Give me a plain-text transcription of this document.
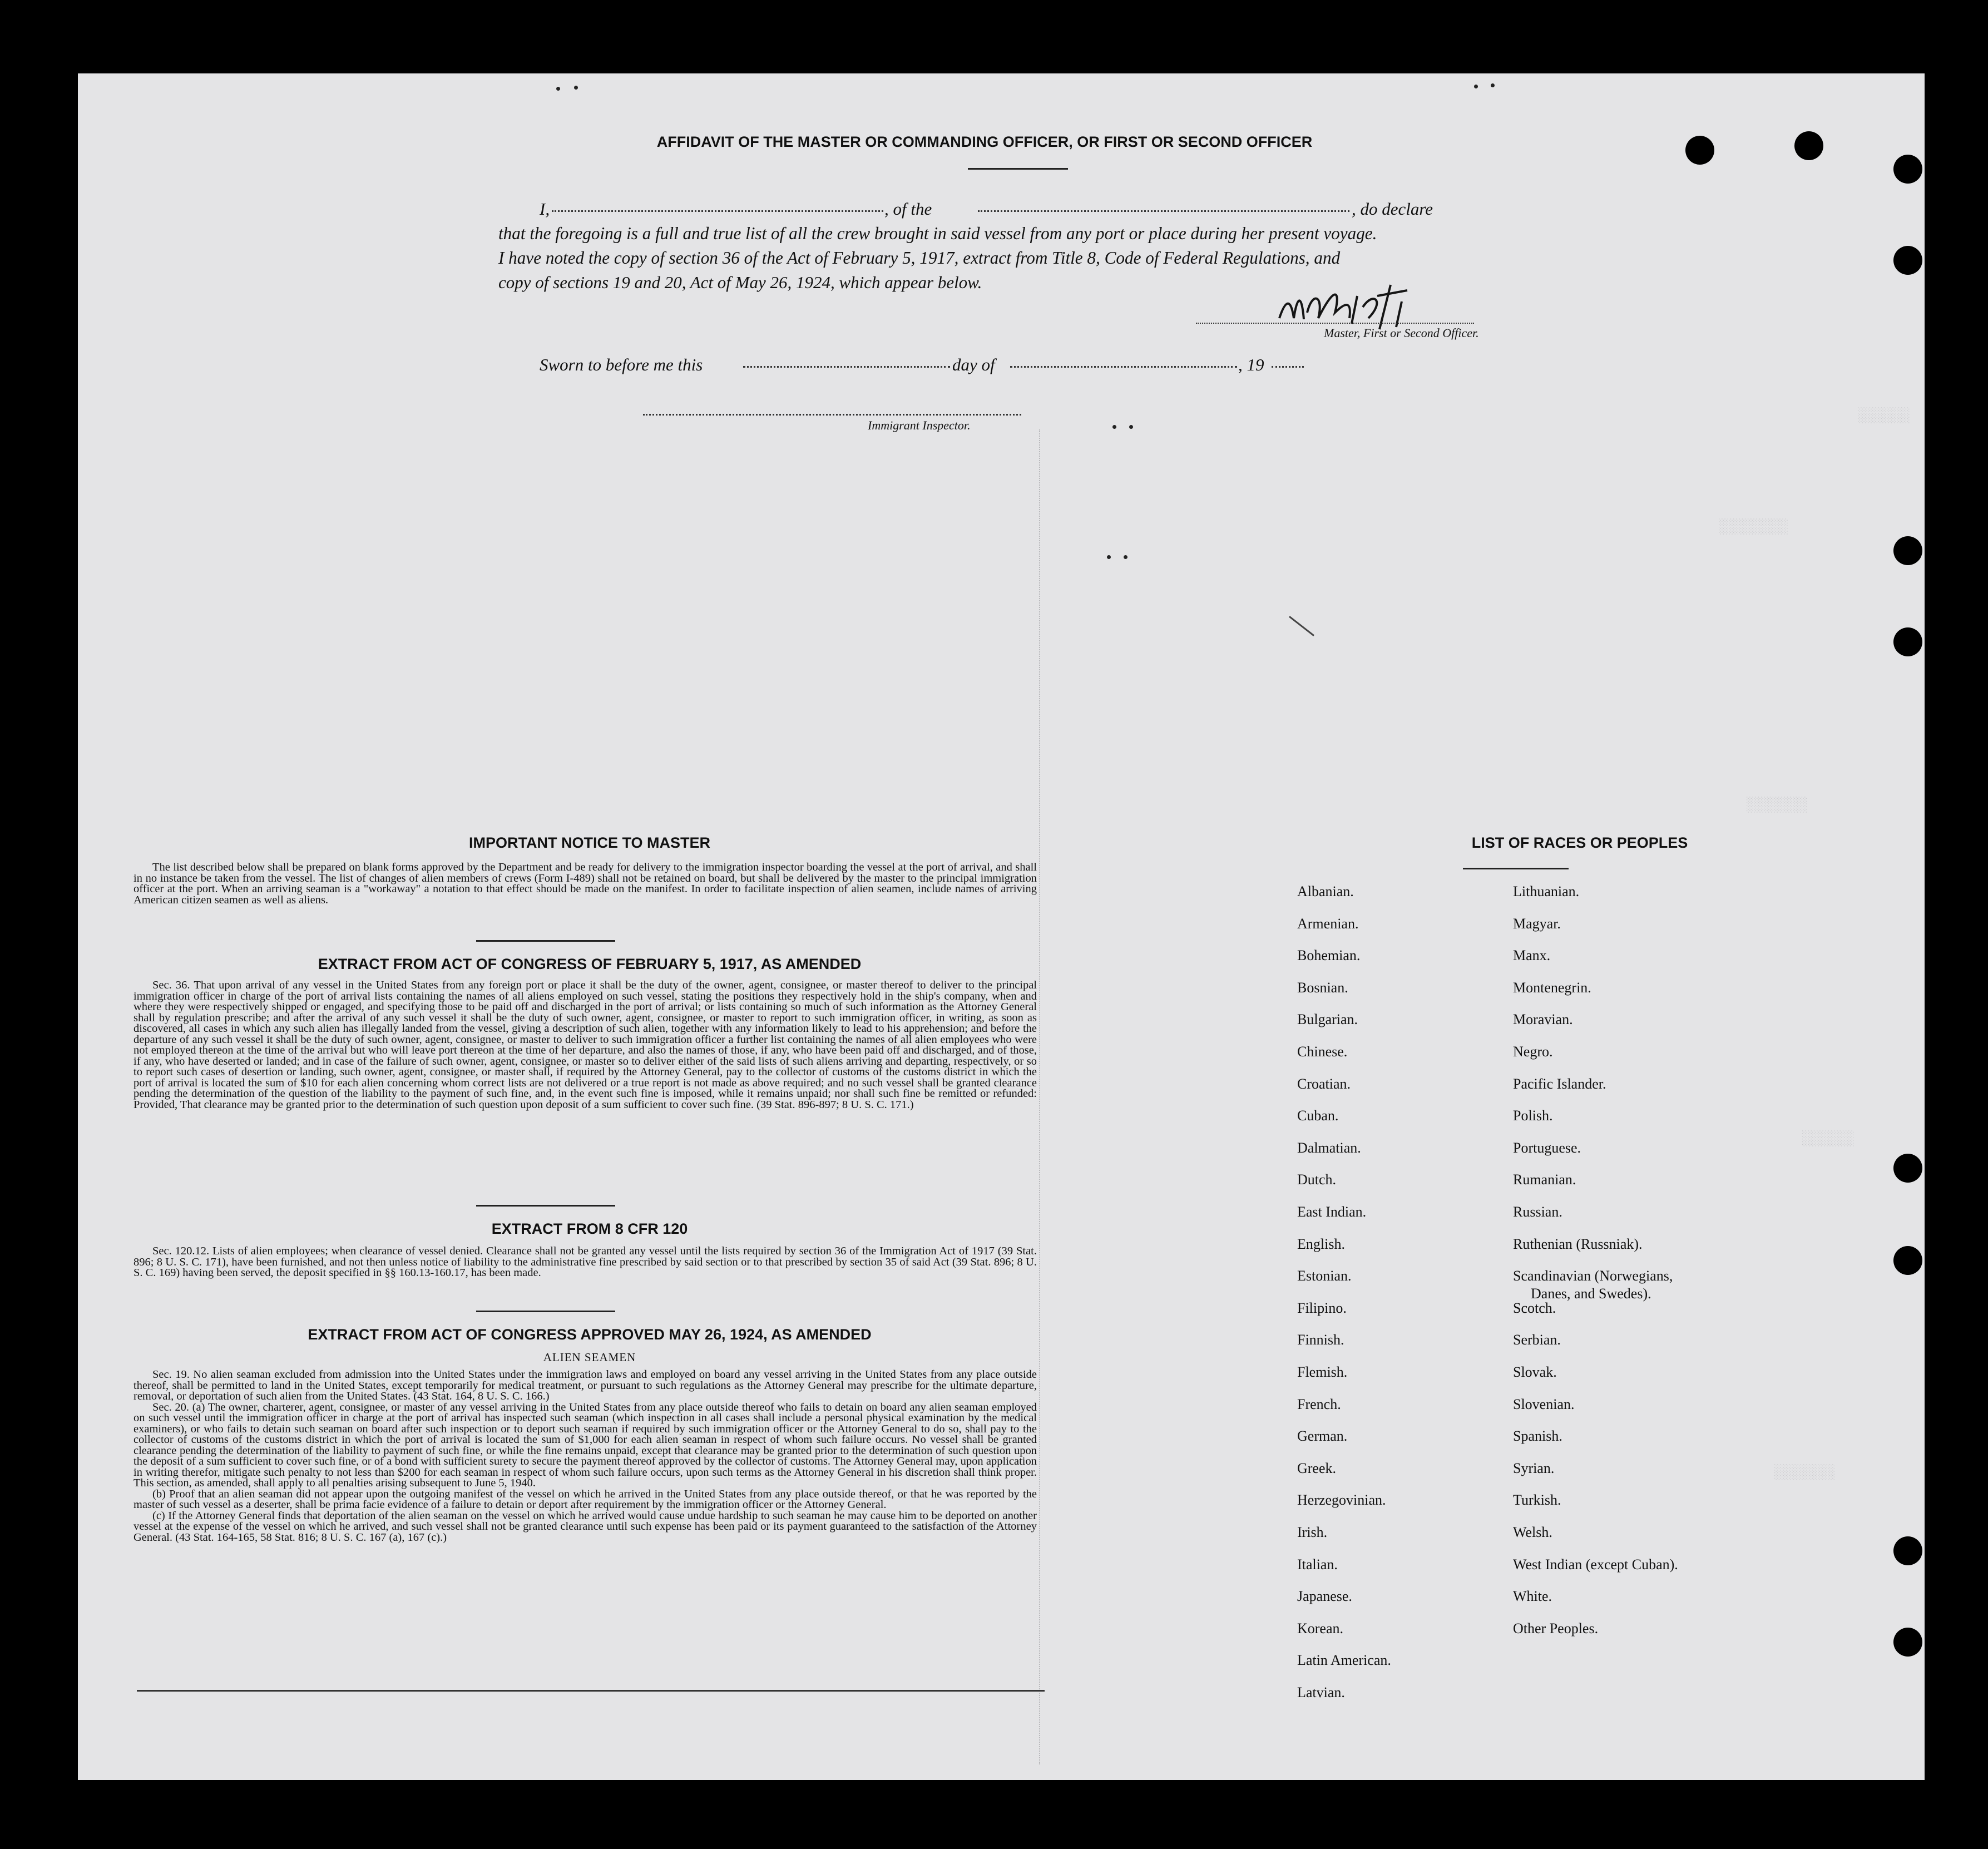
░░░░░░
░░░░░░░░
░░░░░░░
░░░░░░
░░░░░░░
AFFIDAVIT OF THE MASTER OR COMMANDING OFFICER, OR FIRST OR SECOND OFFICER
I,	, of the	, do declare
that the foregoing is a full and true list of all the crew brought in said vessel from any port or place during her present voyage.
I have noted the copy of section 36 of the Act of February 5, 1917, extract from Title 8, Code of Federal Regulations, and
copy of sections 19 and 20, Act of May 26, 1924, which appear below.
Master, First or Second Officer.
Sworn to before me this	day of	, 19
Immigrant Inspector.
IMPORTANT NOTICE TO MASTER

The list described below shall be prepared on blank forms approved by the Department and be ready for delivery to the immigration inspector boarding the vessel at the port of arrival, and shall in no instance be taken from the vessel. The list of changes of alien members of crews (Form I-489) shall not be retained on board, but shall be delivered by the master to the principal immigration officer at the port. When an arriving seaman is a "workaway" a notation to that effect should be made on the manifest. In order to facilitate inspection of alien seamen, include names of arriving American citizen seamen as well as aliens.

EXTRACT FROM ACT OF CONGRESS OF FEBRUARY 5, 1917, AS AMENDED

Sec. 36. That upon arrival of any vessel in the United States from any foreign port or place it shall be the duty of the owner, agent, consignee, or master thereof to deliver to the principal immigration officer in charge of the port of arrival lists containing the names of all aliens employed on such vessel, stating the positions they respectively hold in the ship's company, when and where they were respectively shipped or engaged, and specifying those to be paid off and discharged in the port of arrival; or lists containing so much of such information as the Attorney General shall by regulation prescribe; and after the arrival of any such vessel it shall be the duty of such owner, agent, consignee, or master to report to such immigration officer, in writing, as soon as discovered, all cases in which any such alien has illegally landed from the vessel, giving a description of such alien, together with any information likely to lead to his apprehension; and before the departure of any such vessel it shall be the duty of such owner, agent, consignee, or master to deliver to such immigration officer a further list containing the names of all alien employees who were not employed thereon at the time of the arrival but who will leave port thereon at the time of her departure, and also the names of those, if any, who have been paid off and discharged, and of those, if any, who have deserted or landed; and in case of the failure of such owner, agent, consignee, or master so to deliver either of the said lists of such aliens arriving and departing, respectively, or so to report such cases of desertion or landing, such owner, agent, consignee, or master shall, if required by the Attorney General, pay to the collector of customs of the customs district in which the port of arrival is located the sum of $10 for each alien concerning whom correct lists are not delivered or a true report is not made as above required; and no such vessel shall be granted clearance pending the determination of the question of the liability to the payment of such fine, and, in the event such fine is imposed, while it remains unpaid; nor shall such fine be remitted or refunded: Provided, That clearance may be granted prior to the determination of such question upon deposit of a sum sufficient to cover such fine. (39 Stat. 896-897; 8 U. S. C. 171.)

EXTRACT FROM 8 CFR 120

Sec. 120.12. Lists of alien employees; when clearance of vessel denied. Clearance shall not be granted any vessel until the lists required by section 36 of the Immigration Act of 1917 (39 Stat. 896; 8 U. S. C. 171), have been furnished, and not then unless notice of liability to the administrative fine prescribed by said section or to that prescribed by section 35 of said Act (39 Stat. 896; 8 U. S. C. 169) having been served, the deposit specified in §§ 160.13-160.17, has been made.

EXTRACT FROM ACT OF CONGRESS APPROVED MAY 26, 1924, AS AMENDED
ALIEN SEAMEN

Sec. 19. No alien seaman excluded from admission into the United States under the immigration laws and employed on board any vessel arriving in the United States from any place outside thereof, shall be permitted to land in the United States, except temporarily for medical treatment, or pursuant to such regulations as the Attorney General may prescribe for the ultimate departure, removal, or deportation of such alien from the United States. (43 Stat. 164, 8 U. S. C. 166.)

Sec. 20. (a) The owner, charterer, agent, consignee, or master of any vessel arriving in the United States from any place outside thereof who fails to detain on board any alien seaman employed on such vessel until the immigration officer in charge at the port of arrival has inspected such seaman (which inspection in all cases shall include a personal physical examination by the medical examiners), or who fails to detain such seaman on board after such inspection or to deport such seaman if required by such immigration officer or the Attorney General to do so, shall pay to the collector of customs of the customs district in which the port of arrival is located the sum of $1,000 for each alien seaman in respect of whom such failure occurs. No vessel shall be granted clearance pending the determination of the liability to payment of such fine, or while the fine remains unpaid, except that clearance may be granted prior to the determination of such question upon the deposit of a sum sufficient to cover such fine, or of a bond with sufficient surety to secure the payment thereof approved by the collector of customs. The Attorney General may, upon application in writing therefor, mitigate such penalty to not less than $200 for each seaman in respect of whom such failure occurs, upon such terms as the Attorney General in his discretion shall think proper. This section, as amended, shall apply to all penalties arising subsequent to June 5, 1940.

(b) Proof that an alien seaman did not appear upon the outgoing manifest of the vessel on which he arrived in the United States from any place outside thereof, or that he was reported by the master of such vessel as a deserter, shall be prima facie evidence of a failure to detain or deport after requirement by the immigration officer or the Attorney General.

(c) If the Attorney General finds that deportation of the alien seaman on the vessel on which he arrived would cause undue hardship to such seaman he may cause him to be deported on another vessel at the expense of the vessel on which he arrived, and such vessel shall not be granted clearance until such expense has been paid or its payment guaranteed to the satisfaction of the Attorney General. (43 Stat. 164-165, 58 Stat. 816; 8 U. S. C. 167 (a), 167 (c).)

LIST OF RACES OR PEOPLES
Albanian.
Armenian.
Bohemian.
Bosnian.
Bulgarian.
Chinese.
Croatian.
Cuban.
Dalmatian.
Dutch.
East Indian.
English.
Estonian.
Filipino.
Finnish.
Flemish.
French.
German.
Greek.
Herzegovinian.
Irish.
Italian.
Japanese.
Korean.
Latin American.
Latvian.
Lithuanian.
Magyar.
Manx.
Montenegrin.
Moravian.
Negro.
Pacific Islander.
Polish.
Portuguese.
Rumanian.
Russian.
Ruthenian (Russniak).
Scandinavian (Norwegians,
Danes, and Swedes).
Scotch.
Serbian.
Slovak.
Slovenian.
Spanish.
Syrian.
Turkish.
Welsh.
West Indian (except Cuban).
White.
Other Peoples.
